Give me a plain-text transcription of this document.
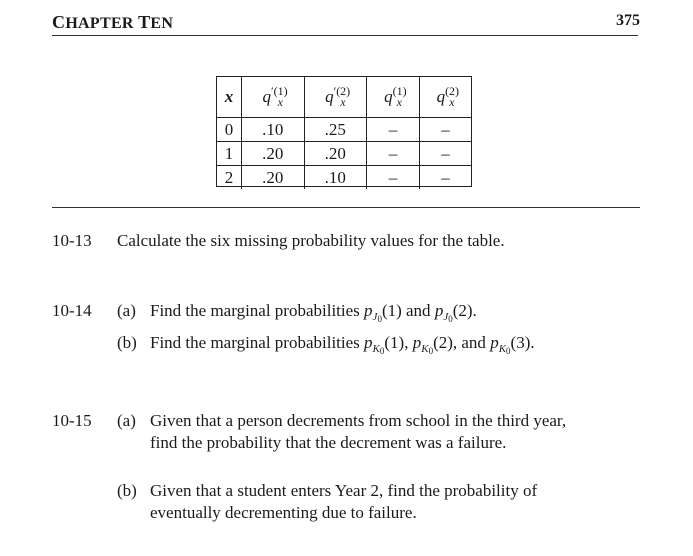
CHAPTER TEN	375
x	$q^{'(1)}_x$	$q^{'(2)}_x$	$q^{(1)}_x$	$q^{(2)}_x$
0	.10	.25	–	–
1	.20	.20	–	–
2	.20	.10	–	–
10-13 Calculate the six missing probability values for the table.
10-14 (a) Find the marginal probabilities $p_{J_0}(1)$ and $p_{J_0}(2)$.
(b) Find the marginal probabilities $p_{K_0}(1)$, $p_{K_0}(2)$, and $p_{K_0}(3)$.
10-15 (a) Given that a person decrements from school in the third year,
find the probability that the decrement was a failure.
(b) Given that a student enters Year 2, find the probability of
eventually decrementing due to failure.
